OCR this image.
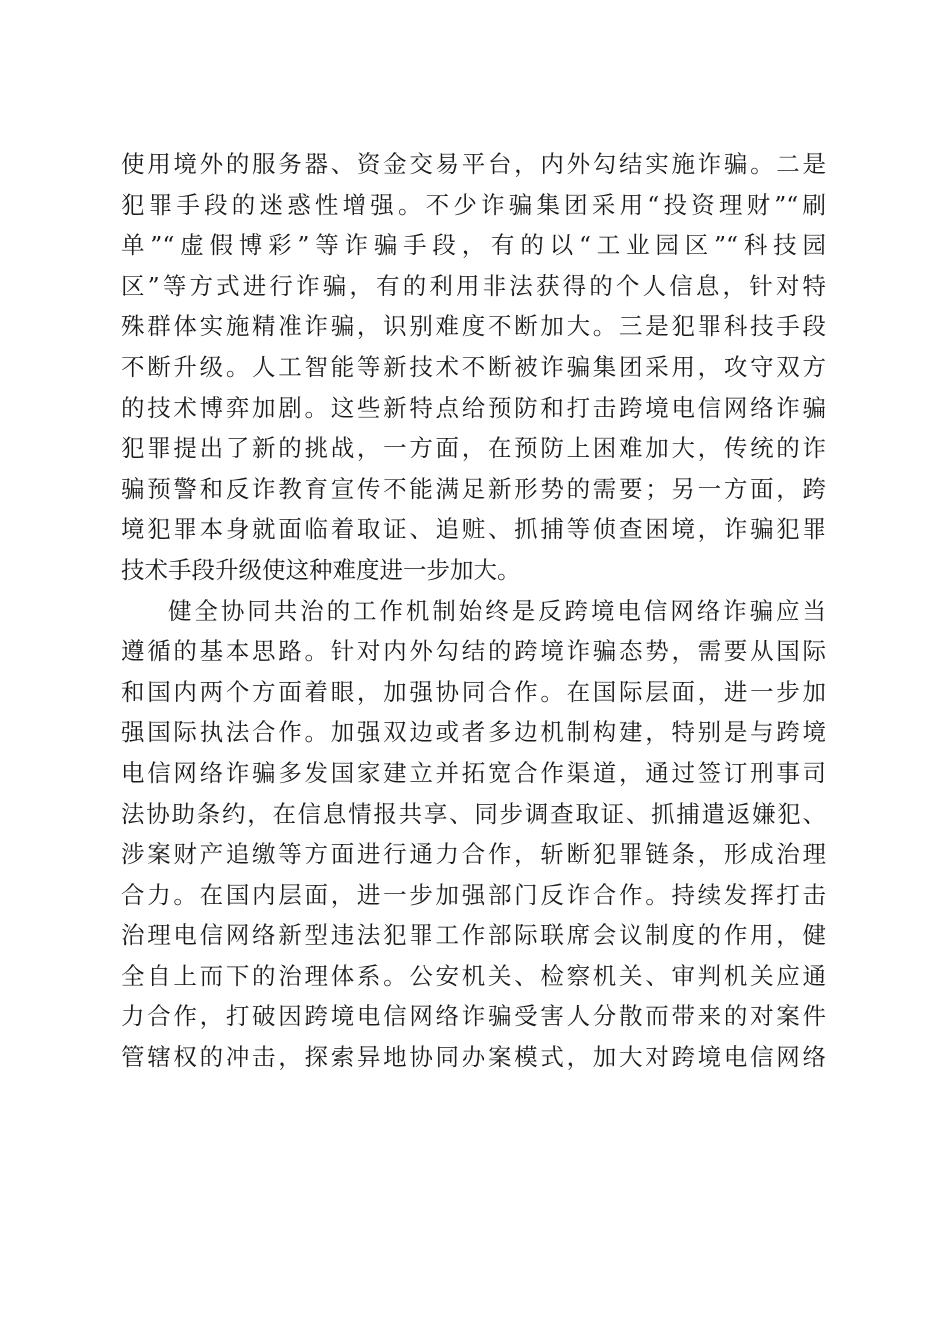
使用境外的服务器、资金交易平台，内外勾结实施诈骗。二是
犯罪手段的迷惑性增强。不少诈骗集团采用“投资理财”“刷
单”“虚假博彩”等诈骗手段，有的以“工业园区”“科技园
区”等方式进行诈骗，有的利用非法获得的个人信息，针对特
殊群体实施精准诈骗，识别难度不断加大。三是犯罪科技手段
不断升级。人工智能等新技术不断被诈骗集团采用，攻守双方
的技术博弈加剧。这些新特点给预防和打击跨境电信网络诈骗
犯罪提出了新的挑战，一方面，在预防上困难加大，传统的诈
骗预警和反诈教育宣传不能满足新形势的需要；另一方面，跨
境犯罪本身就面临着取证、追赃、抓捕等侦查困境，诈骗犯罪
技术手段升级使这种难度进一步加大。
健全协同共治的工作机制始终是反跨境电信网络诈骗应当
遵循的基本思路。针对内外勾结的跨境诈骗态势，需要从国际
和国内两个方面着眼，加强协同合作。在国际层面，进一步加
强国际执法合作。加强双边或者多边机制构建，特别是与跨境
电信网络诈骗多发国家建立并拓宽合作渠道，通过签订刑事司
法协助条约，在信息情报共享、同步调查取证、抓捕遣返嫌犯、
涉案财产追缴等方面进行通力合作，斩断犯罪链条，形成治理
合力。在国内层面，进一步加强部门反诈合作。持续发挥打击
治理电信网络新型违法犯罪工作部际联席会议制度的作用，健
全自上而下的治理体系。公安机关、检察机关、审判机关应通
力合作，打破因跨境电信网络诈骗受害人分散而带来的对案件
管辖权的冲击，探索异地协同办案模式，加大对跨境电信网络
